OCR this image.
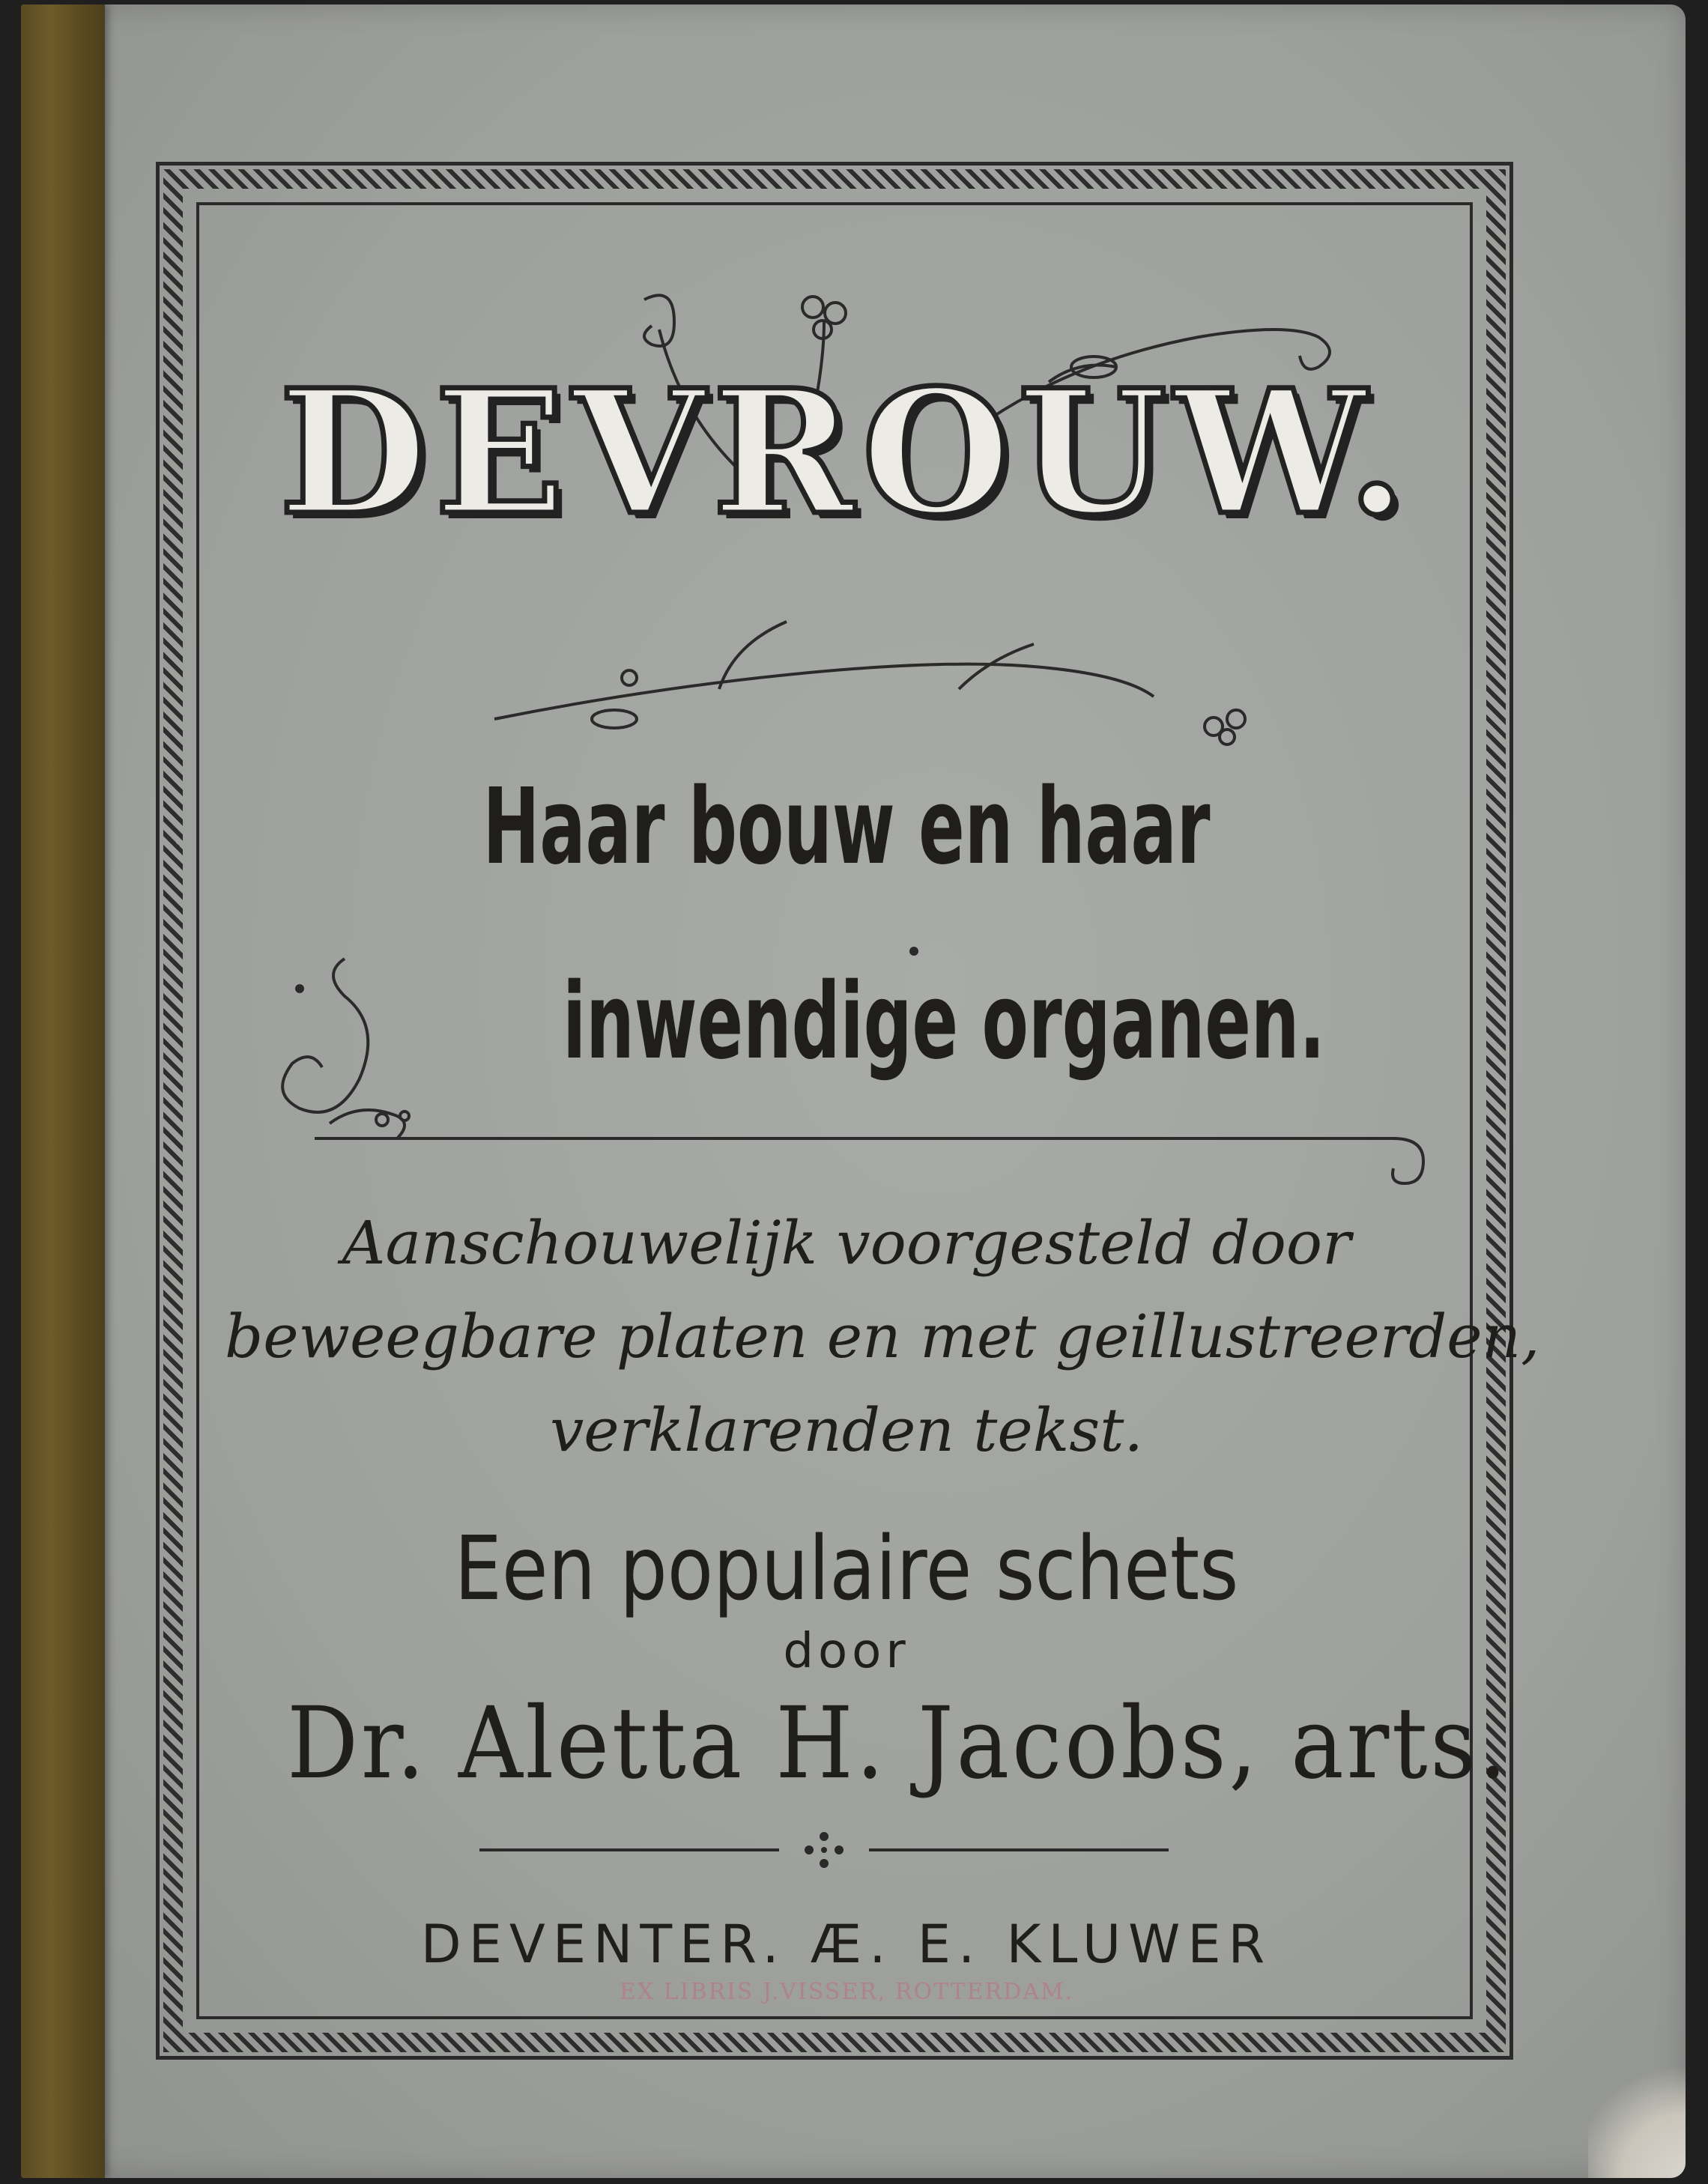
DEVROUW.
Haar bouw en haar
inwendige organen.
Aanschouwelijk voorgesteld door
beweegbare platen en met geillustreerden,
verklarenden tekst.
Een populaire schets
door
Dr. Aletta H. Jacobs, arts.
DEVENTER. Æ. E. KLUWER
EX LIBRIS J.VISSER, ROTTERDAM.
